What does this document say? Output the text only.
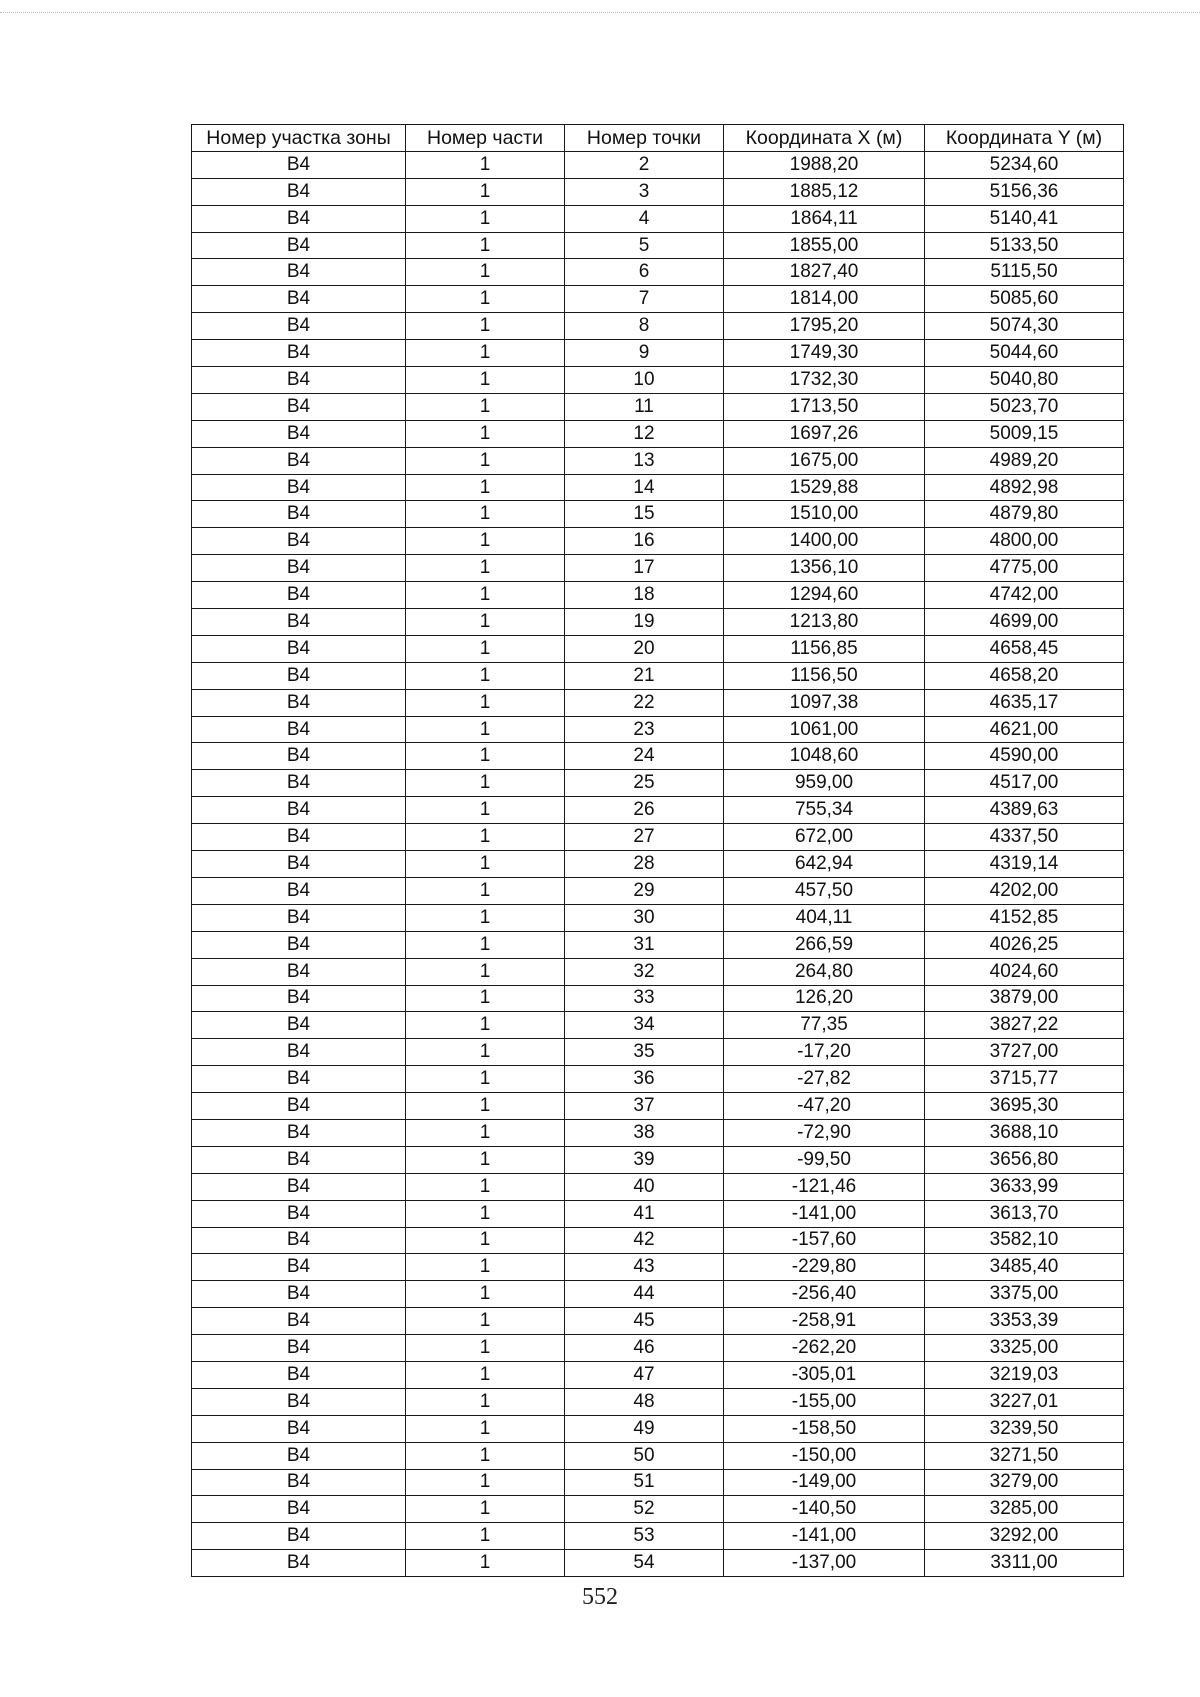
Номер участка зоны	Номер части	Номер точки	Координата X (м)	Координата Y (м)
В4	1	2	1988,20	5234,60
В4	1	3	1885,12	5156,36
В4	1	4	1864,11	5140,41
В4	1	5	1855,00	5133,50
В4	1	6	1827,40	5115,50
В4	1	7	1814,00	5085,60
В4	1	8	1795,20	5074,30
В4	1	9	1749,30	5044,60
В4	1	10	1732,30	5040,80
В4	1	11	1713,50	5023,70
В4	1	12	1697,26	5009,15
В4	1	13	1675,00	4989,20
В4	1	14	1529,88	4892,98
В4	1	15	1510,00	4879,80
В4	1	16	1400,00	4800,00
В4	1	17	1356,10	4775,00
В4	1	18	1294,60	4742,00
В4	1	19	1213,80	4699,00
В4	1	20	1156,85	4658,45
В4	1	21	1156,50	4658,20
В4	1	22	1097,38	4635,17
В4	1	23	1061,00	4621,00
В4	1	24	1048,60	4590,00
В4	1	25	959,00	4517,00
В4	1	26	755,34	4389,63
В4	1	27	672,00	4337,50
В4	1	28	642,94	4319,14
В4	1	29	457,50	4202,00
В4	1	30	404,11	4152,85
В4	1	31	266,59	4026,25
В4	1	32	264,80	4024,60
В4	1	33	126,20	3879,00
В4	1	34	77,35	3827,22
В4	1	35	-17,20	3727,00
В4	1	36	-27,82	3715,77
В4	1	37	-47,20	3695,30
В4	1	38	-72,90	3688,10
В4	1	39	-99,50	3656,80
В4	1	40	-121,46	3633,99
В4	1	41	-141,00	3613,70
В4	1	42	-157,60	3582,10
В4	1	43	-229,80	3485,40
В4	1	44	-256,40	3375,00
В4	1	45	-258,91	3353,39
В4	1	46	-262,20	3325,00
В4	1	47	-305,01	3219,03
В4	1	48	-155,00	3227,01
В4	1	49	-158,50	3239,50
В4	1	50	-150,00	3271,50
В4	1	51	-149,00	3279,00
В4	1	52	-140,50	3285,00
В4	1	53	-141,00	3292,00
В4	1	54	-137,00	3311,00
552
